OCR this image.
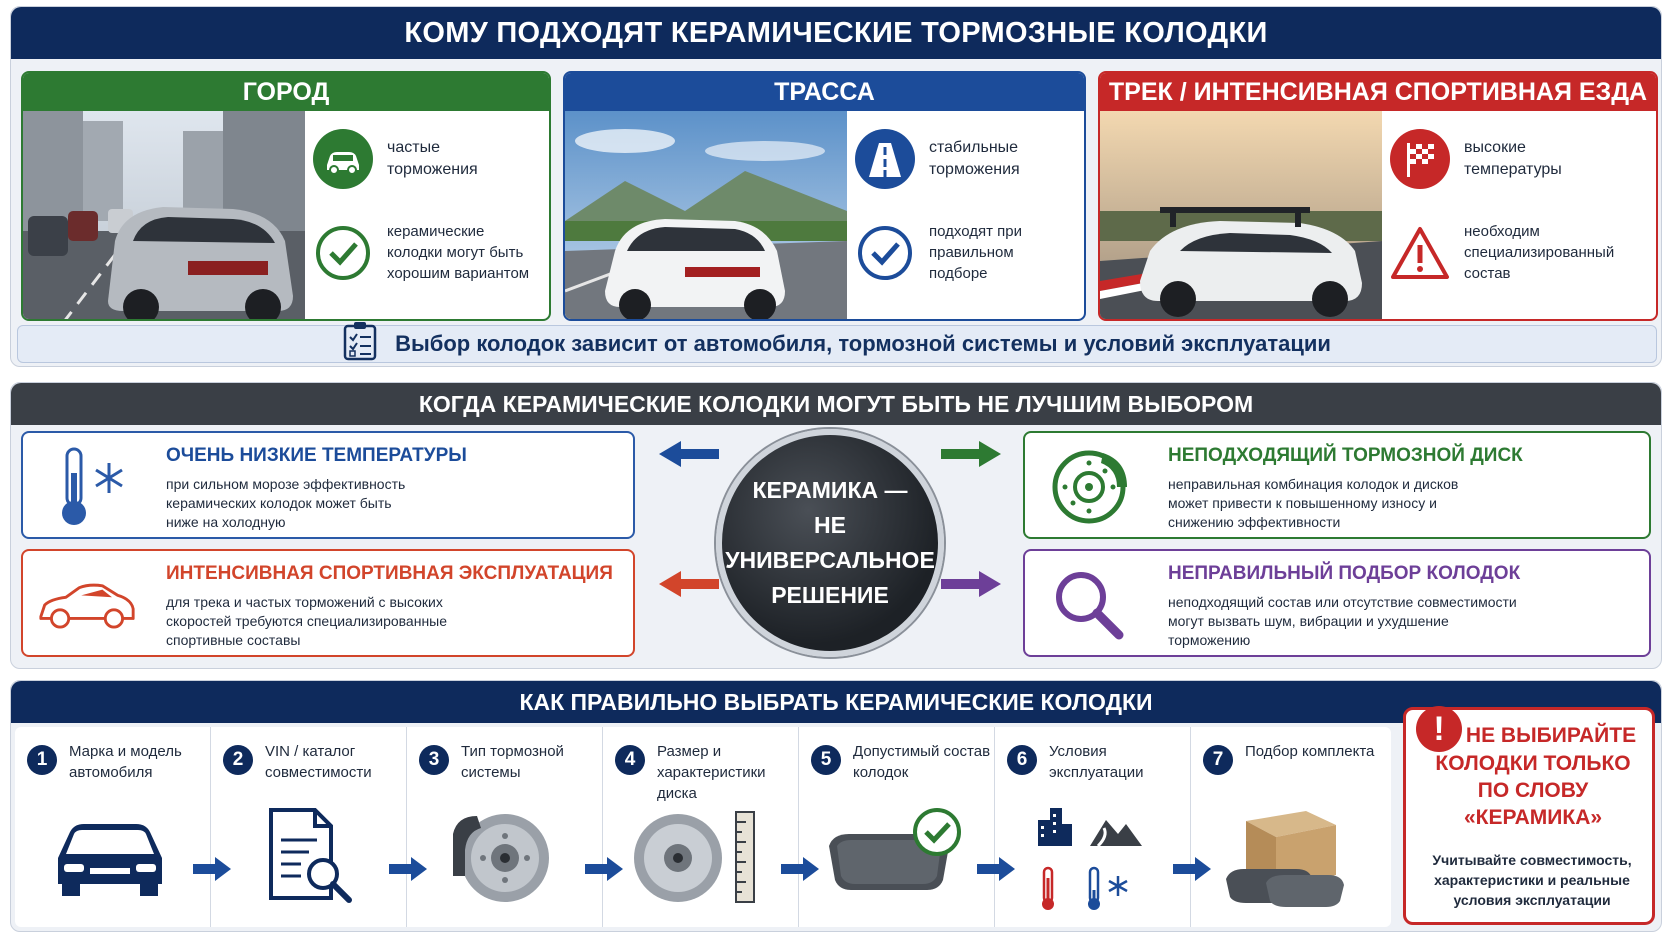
КОМУ ПОДХОДЯТ КЕРАМИЧЕСКИЕ ТОРМОЗНЫЕ КОЛОДКИ
ГОРОД
частые торможения
керамические колодки могут быть хорошим вариантом
ТРАССА
стабильные торможения
подходят при правильном подборе
ТРЕК / ИНТЕНСИВНАЯ СПОРТИВНАЯ ЕЗДА
высокие температуры
необходим специализированный состав
Выбор колодок зависит от автомобиля, тормозной системы и условий эксплуатации
КОГДА КЕРАМИЧЕСКИЕ КОЛОДКИ МОГУТ БЫТЬ НЕ ЛУЧШИМ ВЫБОРОМ
ОЧЕНЬ НИЗКИЕ ТЕМПЕРАТУРЫ
при сильном морозе эффективность керамических колодок может быть ниже на холодную
ИНТЕНСИВНАЯ СПОРТИВНАЯ ЭКСПЛУАТАЦИЯ
для трека и частых торможений с высоких скоростей требуются специализированные спортивные составы
НЕПОДХОДЯЩИЙ ТОРМОЗНОЙ ДИСК
неправильная комбинация колодок и дисков может привести к повышенному износу и снижению эффективности
НЕПРАВИЛЬНЫЙ ПОДБОР КОЛОДОК
неподходящий состав или отсутствие совместимости могут вызвать шум, вибрации и ухудшение торможению
КЕРАМИКА —
НЕ УНИВЕРСАЛЬНОЕ
РЕШЕНИЕ
КАК ПРАВИЛЬНО ВЫБРАТЬ КЕРАМИЧЕСКИЕ КОЛОДКИ
1	Марка и модель автомобиля
2	VIN / каталог совместимости
3	Тип тормозной системы
4	Размер и характеристики диска
5	Допустимый состав колодок
6	Условия эксплуатации
7	Подбор комплекта
!	НЕ ВЫБИРАЙТЕ
КОЛОДКИ ТОЛЬКО ПО СЛОВУ «КЕРАМИКА»
Учитывайте совместимость, характеристики и реальные условия эксплуатации
